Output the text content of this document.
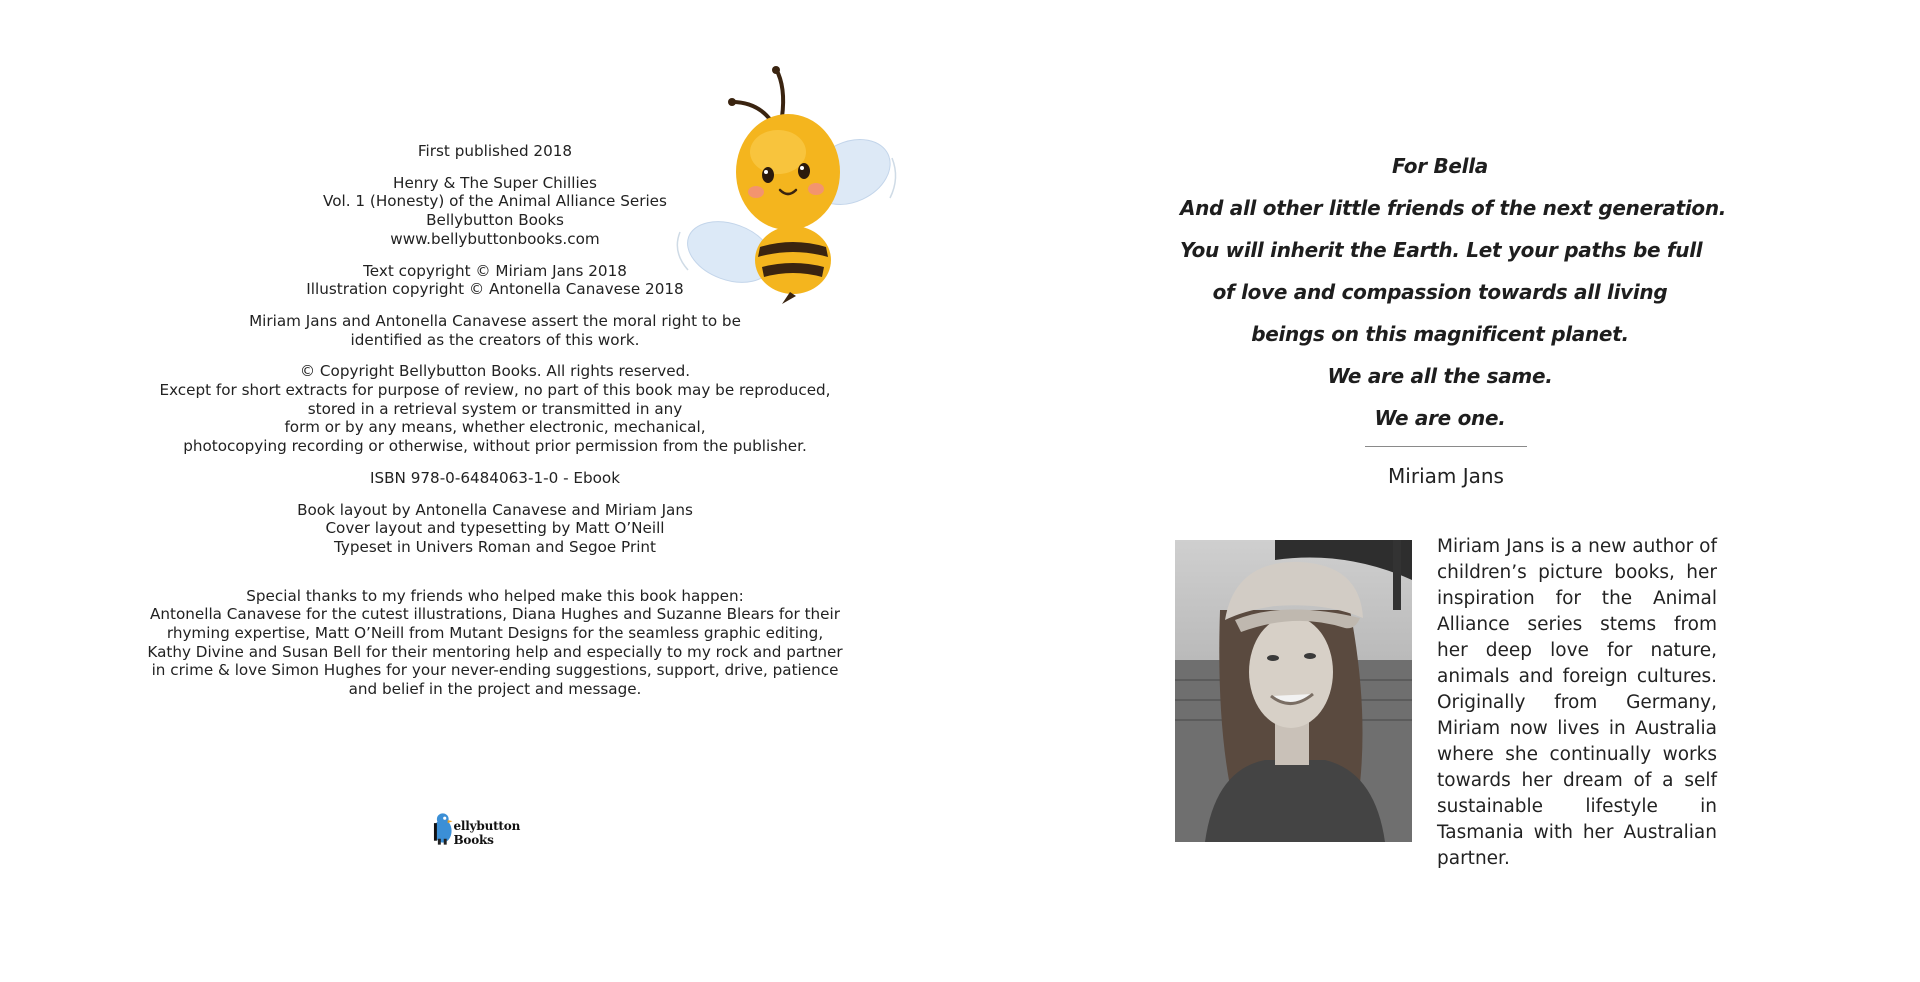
First published 2018
Henry & The Super Chillies
Vol. 1 (Honesty) of the Animal Alliance Series
Bellybutton Books
www.bellybuttonbooks.com
Text copyright © Miriam Jans 2018
Illustration copyright © Antonella Canavese 2018
Miriam Jans and Antonella Canavese assert the moral right to be
identified as the creators of this work.
© Copyright Bellybutton Books. All rights reserved.
Except for short extracts for purpose of review, no part of this book may be reproduced,
stored in a retrieval system or transmitted in any
form or by any means, whether electronic, mechanical,
photocopying recording or otherwise, without prior permission from the publisher.
ISBN 978-0-6484063-1-0 - Ebook
Book layout by Antonella Canavese and Miriam Jans
Cover layout and typesetting by Matt O’Neill
Typeset in Univers Roman and Segoe Print
Special thanks to my friends who helped make this book happen:
Antonella Canavese for the cutest illustrations, Diana Hughes and Suzanne Blears for their
rhyming expertise, Matt O’Neill from Mutant Designs for the seamless graphic editing,
Kathy Divine and Susan Bell for their mentoring help and especially to my rock and partner
in crime & love Simon Hughes for your never-ending suggestions, support, drive, patience
and belief in the project and message.
ellybutton Books
For Bella
And all other little friends of the next generation.
You will inherit the Earth. Let your paths be full
of love and compassion towards all living
beings on this magnificent planet.
We are all the same.
We are one.
Miriam Jans
Miriam Jans is a new author of children’s picture books, her inspiration for the Animal Alliance series stems from her deep love for nature, animals and foreign cultures. Originally from Germany, Miriam now lives in Australia where she continually works towards her dream of a self sustainable lifestyle in Tasmania with her Australian partner.
